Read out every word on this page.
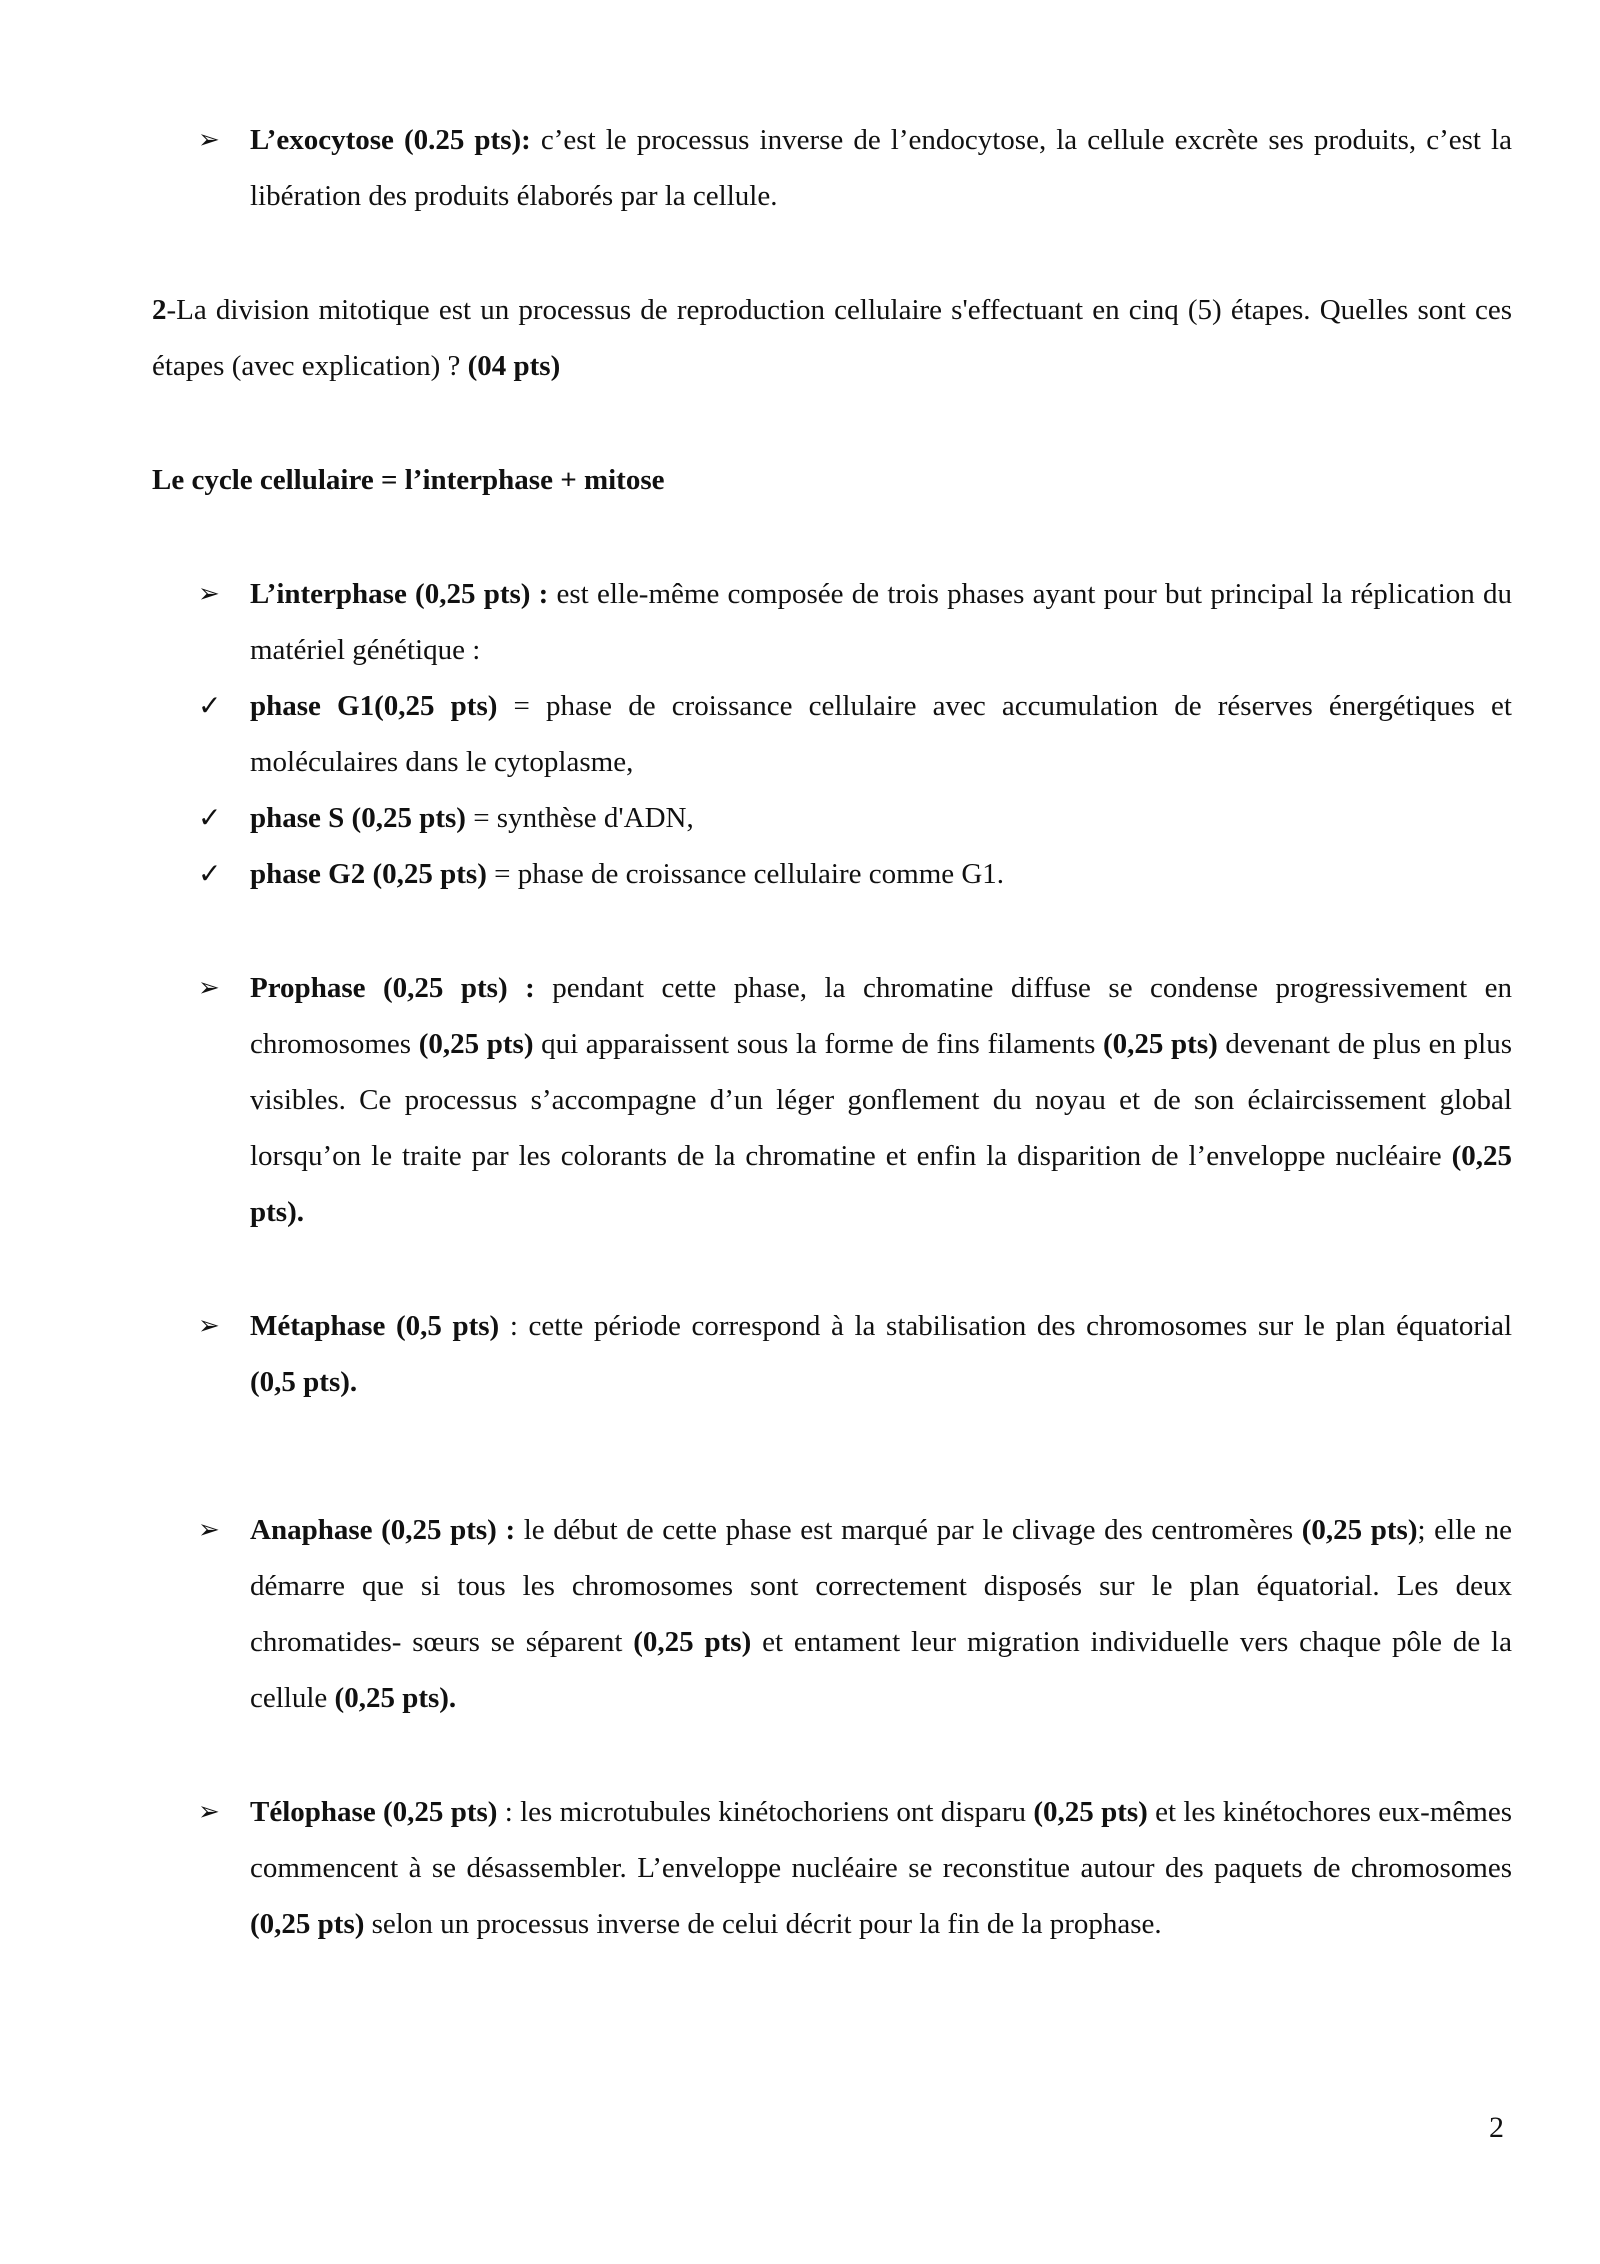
➢	L’exocytose (0.25 pts): c’est le processus inverse de l’endocytose, la cellule excrète ses produits, c’est la libération des produits élaborés par la cellule.
2-La division mitotique est un processus de reproduction cellulaire s'effectuant en cinq (5) étapes. Quelles sont ces étapes (avec explication) ? (04 pts)
Le cycle cellulaire = l’interphase + mitose
➢	L’interphase (0,25 pts) : est elle-même composée de trois phases ayant pour but principal la réplication du matériel génétique :
✓ phase G1(0,25 pts) = phase de croissance cellulaire avec accumulation de réserves énergétiques et moléculaires dans le cytoplasme,
✓ phase S (0,25 pts) = synthèse d'ADN,
✓ phase G2 (0,25 pts) = phase de croissance cellulaire comme G1.
➢	Prophase (0,25 pts) : pendant cette phase, la chromatine diffuse se condense progressivement en chromosomes (0,25 pts) qui apparaissent sous la forme de fins filaments (0,25 pts) devenant de plus en plus visibles. Ce processus s’accompagne d’un léger gonflement du noyau et de son éclaircissement global lorsqu’on le traite par les colorants de la chromatine et enfin la disparition de l’enveloppe nucléaire (0,25 pts).
➢	Métaphase (0,5 pts) : cette période correspond à la stabilisation des chromosomes sur le plan équatorial (0,5 pts).
➢	Anaphase (0,25 pts) : le début de cette phase est marqué par le clivage des centromères (0,25 pts); elle ne démarre que si tous les chromosomes sont correctement disposés sur le plan équatorial. Les deux chromatides- sœurs se séparent (0,25 pts) et entament leur migration individuelle vers chaque pôle de la cellule (0,25 pts).
➢	Télophase (0,25 pts) : les microtubules kinétochoriens ont disparu (0,25 pts) et les kinétochores eux-mêmes commencent à se désassembler. L’enveloppe nucléaire se reconstitue autour des paquets de chromosomes (0,25 pts) selon un processus inverse de celui décrit pour la fin de la prophase.
2
